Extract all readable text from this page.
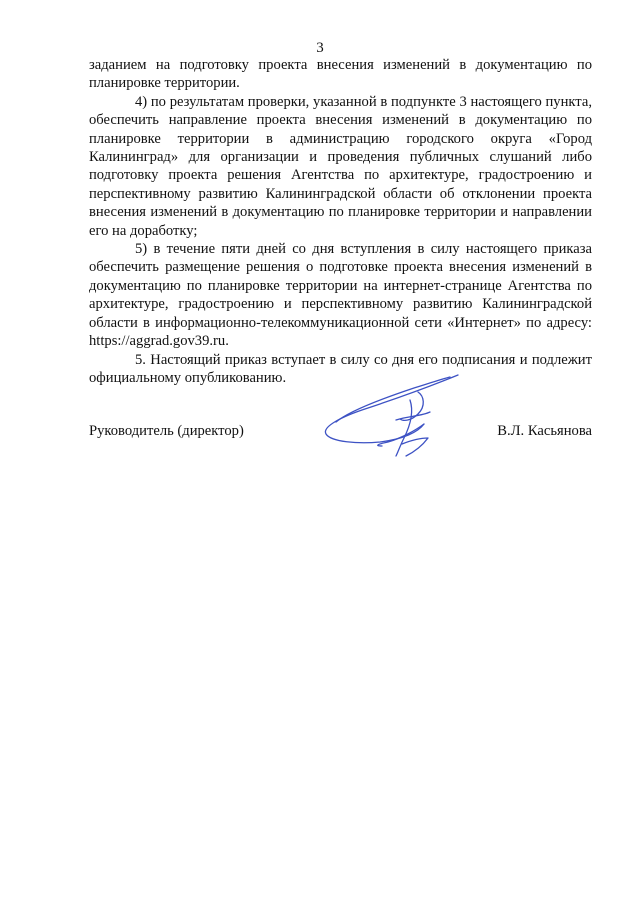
3

заданием на подготовку проекта внесения изменений в документацию по планировке территории.

4) по результатам проверки, указанной в подпункте 3 настоящего пункта, обеспечить направление проекта внесения изменений в документацию по планировке территории в администрацию городского округа «Город Калининград» для организации и проведения публичных слушаний либо подготовку проекта решения Агентства по архитектуре, градостроению и перспективному развитию Калининградской области об отклонении проекта внесения изменений в документацию по планировке территории и направлении его на доработку;

5) в течение пяти дней со дня вступления в силу настоящего приказа обеспечить размещение решения о подготовке проекта внесения изменений в документацию по планировке территории на интернет-странице Агентства по архитектуре, градостроению и перспективному развитию Калининградской области в информационно-телекоммуникационной сети «Интернет» по адресу: https://aggrad.gov39.ru.

5. Настоящий приказ вступает в силу со дня его подписания и подлежит официальному опубликованию.

Руководитель (директор)	В.Л. Касьянова
